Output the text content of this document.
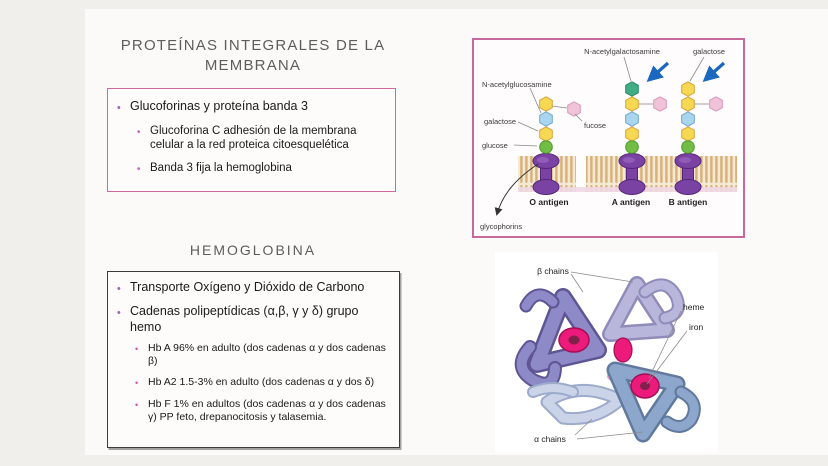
PROTEÍNAS INTEGRALES DE LA MEMBRANA
•
Glucoforinas y proteína banda 3
•
Glucoforina C adhesión de la membrana celular a la red proteica citoesquelética
•
Banda 3 fija la hemoglobina
HEMOGLOBINA
•
Transporte Oxígeno y Dióxido de Carbono
•
Cadenas polipeptídicas (α,β, γ y δ) grupo hemo
•
Hb A 96% en adulto (dos cadenas α y dos cadenas β)
•
Hb A2 1.5-3% en adulto (dos cadenas α y dos δ)
•
Hb F 1% en adultos (dos cadenas α y dos cadenas γ) PP feto, drepanocitosis y talasemia.
N-acetylglucosamine
galactose
glucose
fucose
N-acetylgalactosamine	galactose
O antigen	A antigen B antigen
glycophorins
β chains
heme
iron
α chains
